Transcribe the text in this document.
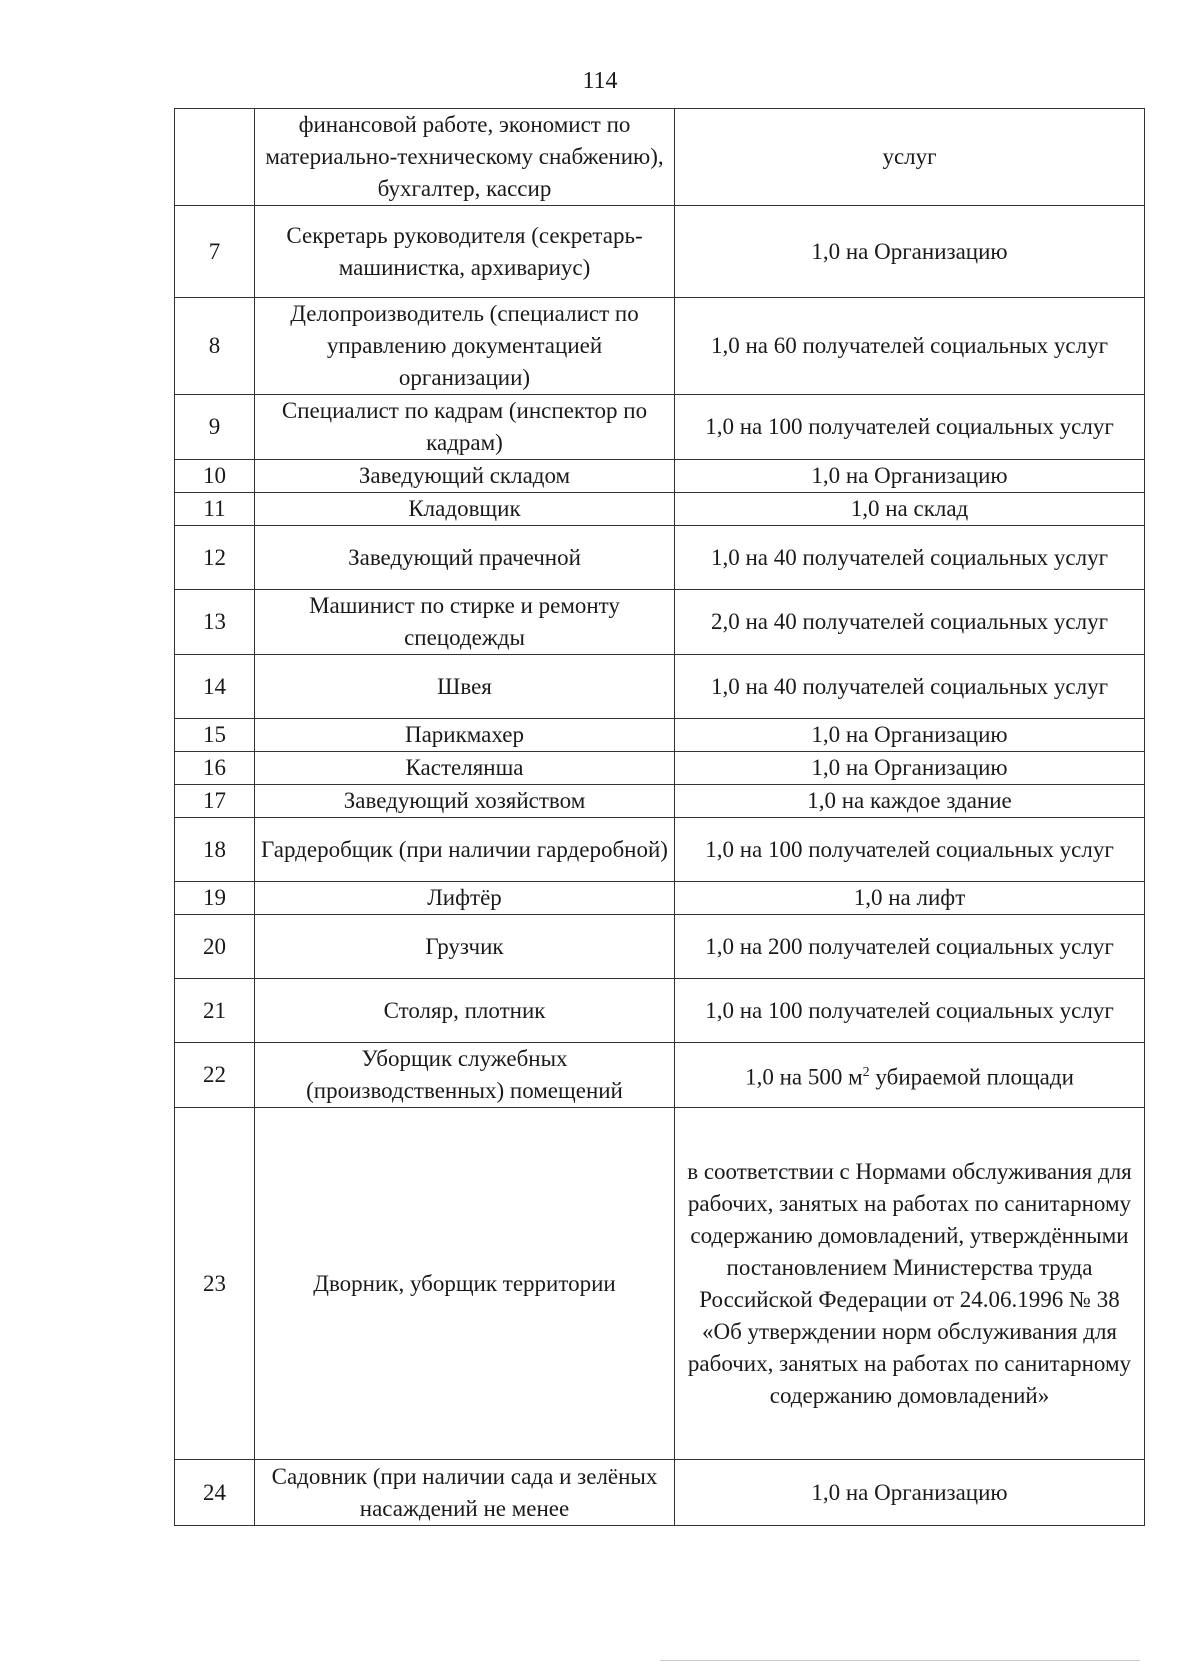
114
	финансовой работе, экономист по материально-техническому снабжению), бухгалтер, кассир	услуг
7	Секретарь руководителя (секретарь-машинистка, архивариус)	1,0 на Организацию
8	Делопроизводитель (специалист по управлению документацией организации)	1,0 на 60 получателей социальных услуг
9	Специалист по кадрам (инспектор по кадрам)	1,0 на 100 получателей социальных услуг
10	Заведующий складом	1,0 на Организацию
11	Кладовщик	1,0 на склад
12	Заведующий прачечной	1,0 на 40 получателей социальных услуг
13	Машинист по стирке и ремонту спецодежды	2,0 на 40 получателей социальных услуг
14	Швея	1,0 на 40 получателей социальных услуг
15	Парикмахер	1,0 на Организацию
16	Кастелянша	1,0 на Организацию
17	Заведующий хозяйством	1,0 на каждое здание
18	Гардеробщик (при наличии гардеробной)	1,0 на 100 получателей социальных услуг
19	Лифтёр	1,0 на лифт
20	Грузчик	1,0 на 200 получателей социальных услуг
21	Столяр, плотник	1,0 на 100 получателей социальных услуг
22	Уборщик служебных (производственных) помещений	1,0 на 500 $м^2$ убираемой площади
23	Дворник, уборщик территории	в соответствии с Нормами обслуживания для рабочих, занятых на работах по санитарному содержанию домовладений, утверждёнными постановлением Министерства труда Российской Федерации от 24.06.1996 № 38 «Об утверждении норм обслуживания для рабочих, занятых на работах по санитарному содержанию домовладений»
24	Садовник (при наличии сада и зелёных насаждений не менее	1,0 на Организацию
